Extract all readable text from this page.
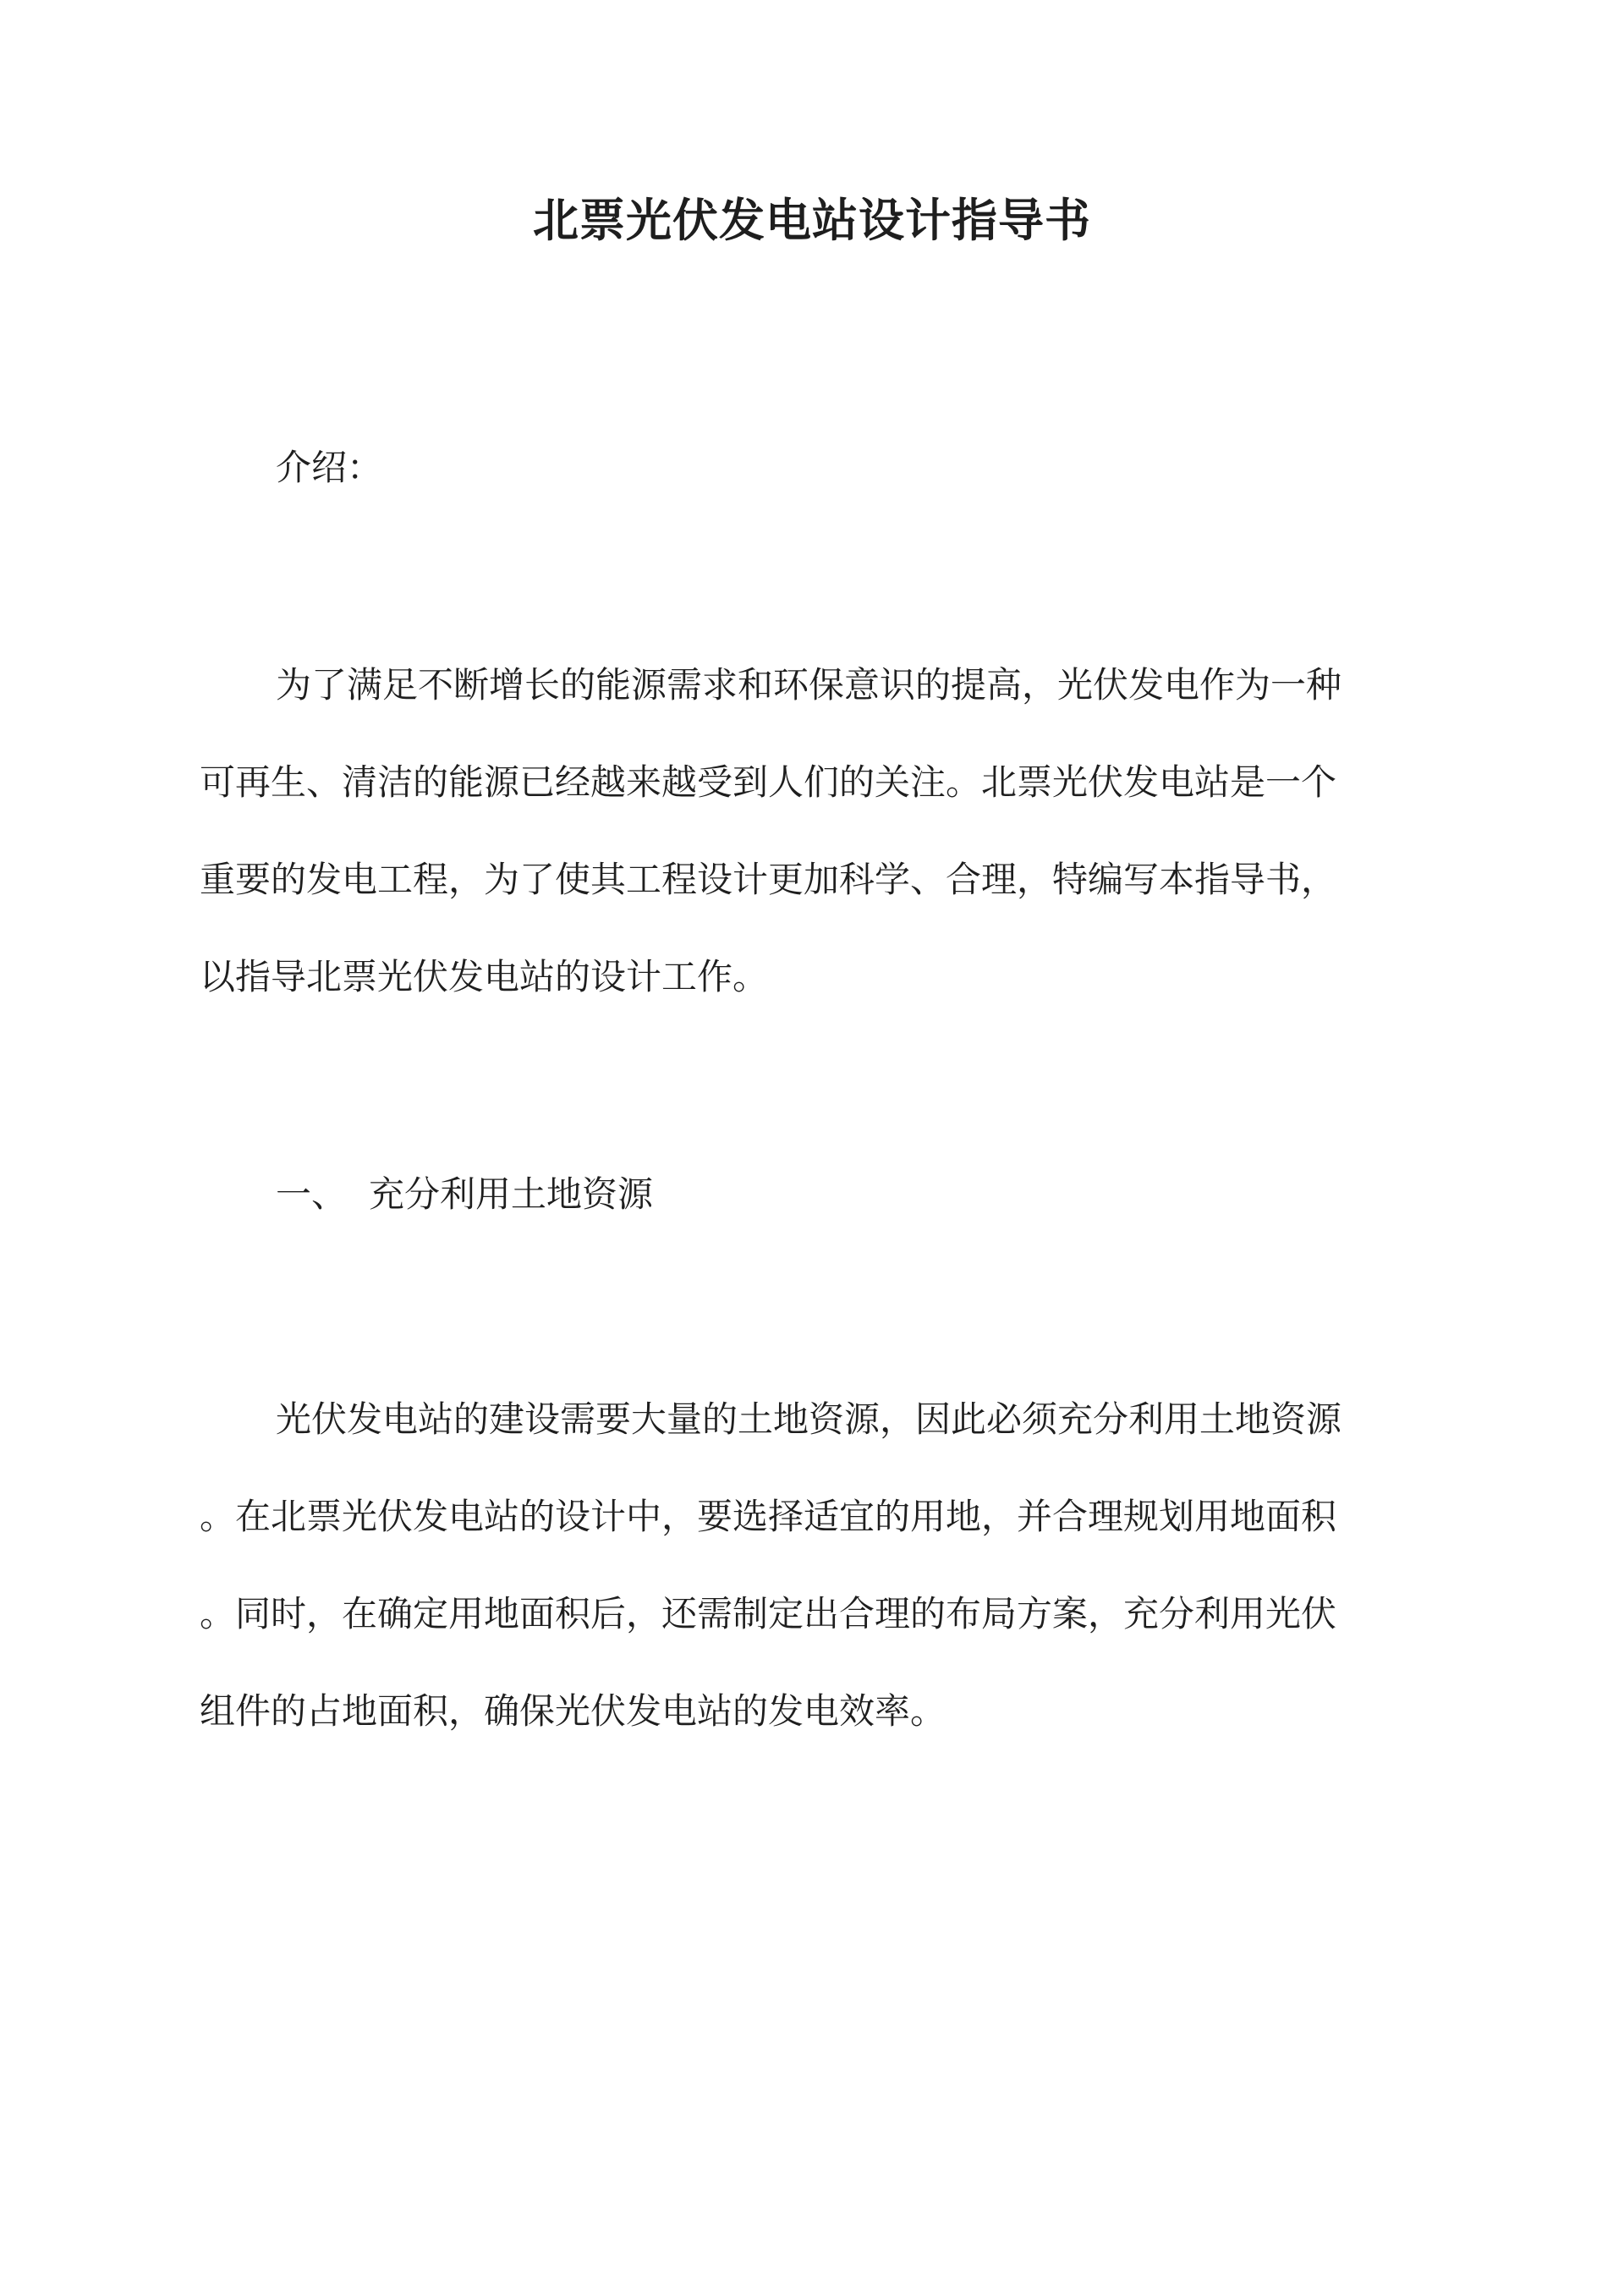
北票光伏发电站设计指导书

介绍：

为了满足不断增长的能源需求和环保意识的提高，光伏发电作为一种
可再生、清洁的能源已经越来越受到人们的关注。北票光伏发电站是一个
重要的发电工程，为了使其工程设计更加科学、合理，特编写本指导书，
以指导北票光伏发电站的设计工作。

一、 充分利用土地资源

光伏发电站的建设需要大量的土地资源，因此必须充分利用土地资源
。在北票光伏发电站的设计中，要选择适宜的用地，并合理规划用地面积
。同时，在确定用地面积后，还需制定出合理的布局方案，充分利用光伏
组件的占地面积，确保光伏发电站的发电效率。
